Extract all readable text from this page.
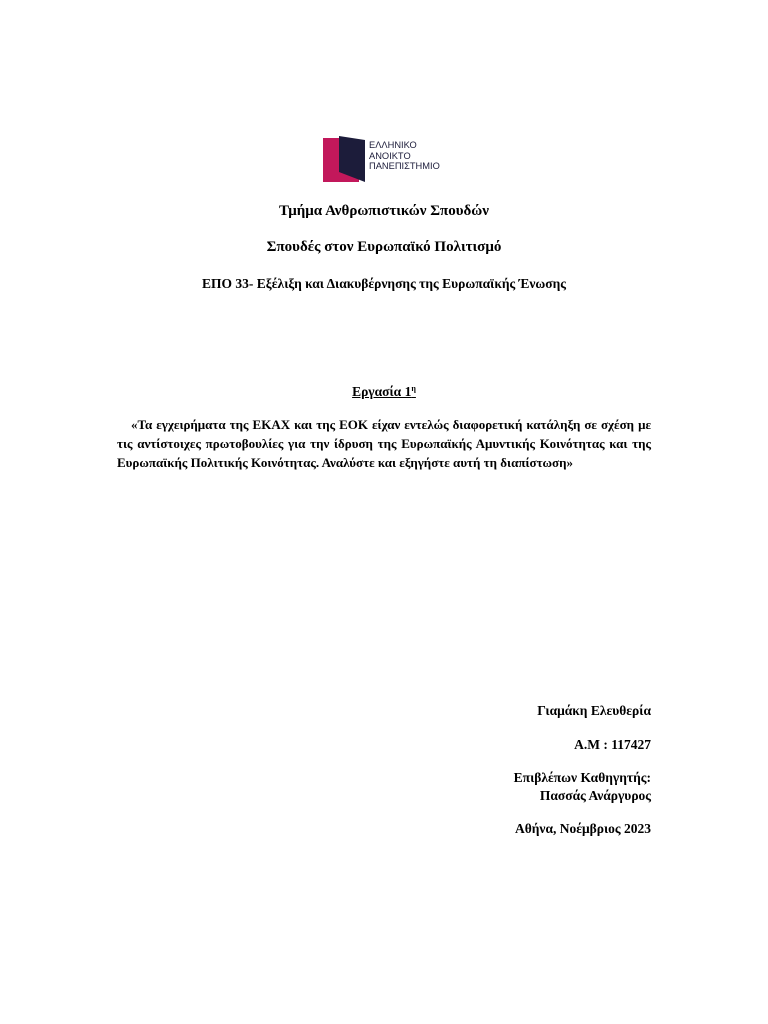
ΕΛΛΗΝΙΚΟ
ΑΝΟΙΚΤΟ
ΠΑΝΕΠΙΣΤΗΜΙΟ
Τμήμα Ανθρωπιστικών Σπουδών
Σπουδές στον Ευρωπαϊκό Πολιτισμό
ΕΠΟ 33- Εξέλιξη και Διακυβέρνησης της Ευρωπαϊκής Ένωσης
Εργασία $1^\eta$
«Τα εγχειρήματα της ΕΚΑΧ και της ΕΟΚ είχαν εντελώς διαφορετική κατάληξη σε σχέση με τις αντίστοιχες πρωτοβουλίες για την ίδρυση της Ευρωπαϊκής Αμυντικής Κοινότητας και της Ευρωπαϊκής Πολιτικής Κοινότητας. Αναλύστε και εξηγήστε αυτή τη διαπίστωση»
Γιαμάκη Ελευθερία
Α.Μ : 117427
Επιβλέπων Καθηγητής:
Πασσάς Ανάργυρος
Αθήνα, Νοέμβριος 2023
